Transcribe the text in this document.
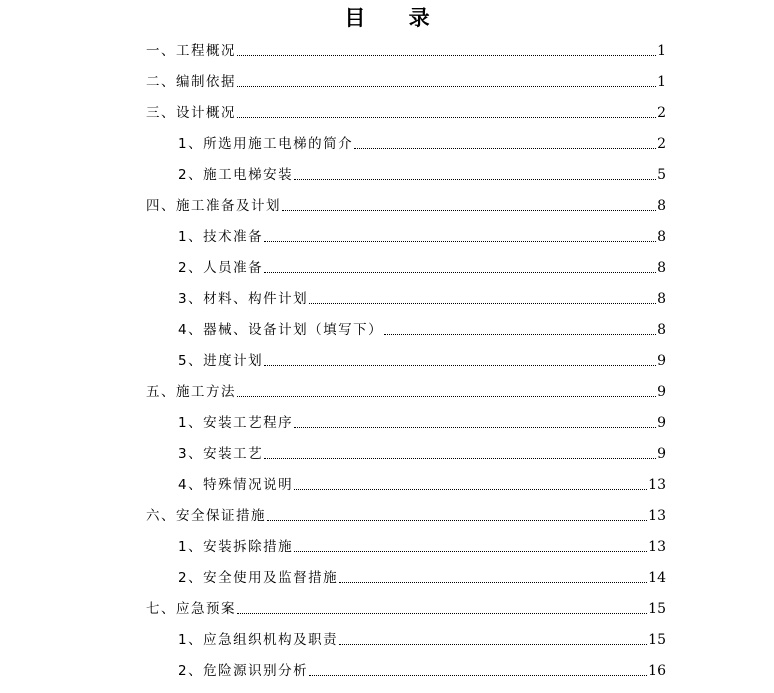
目 录
一、工程概况	1
二、编制依据	1
三、设计概况	2
1、所选用施工电梯的简介	2
2、施工电梯安装	5
四、施工准备及计划	8
1、技术准备	8
2、人员准备	8
3、材料、构件计划	8
4、器械、设备计划（填写下）	8
5、进度计划	9
五、施工方法	9
1、安装工艺程序	9
3、安装工艺	9
4、特殊情况说明	13
六、安全保证措施	13
1、安装拆除措施	13
2、安全使用及监督措施	14
七、应急预案	15
1、应急组织机构及职责	15
2、危险源识别分析	16
